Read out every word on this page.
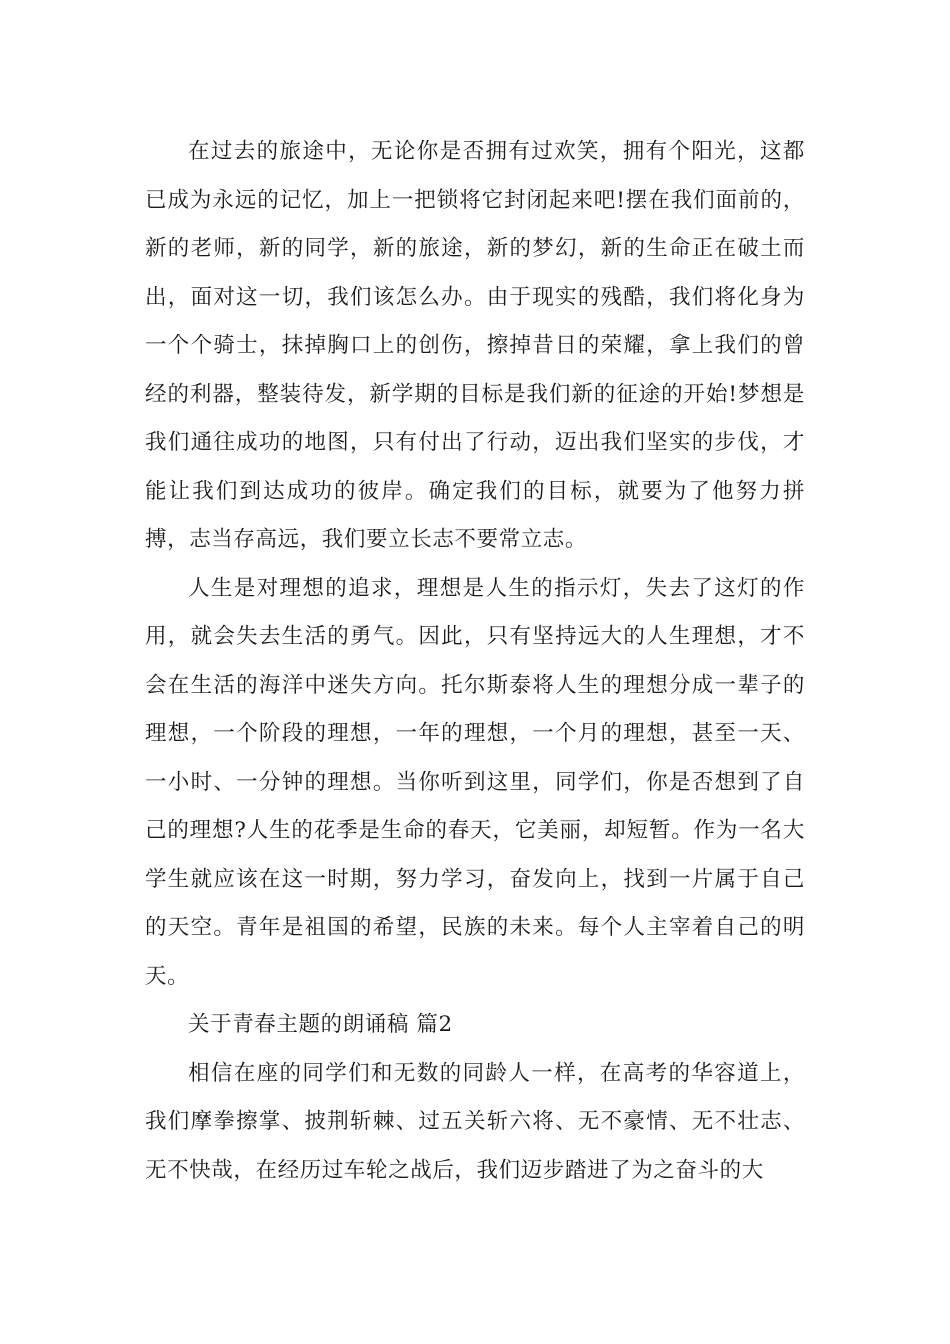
在过去的旅途中，无论你是否拥有过欢笑，拥有个阳光，这都已成为永远的记忆，加上一把锁将它封闭起来吧!摆在我们面前的，新的老师，新的同学，新的旅途，新的梦幻，新的生命正在破土而出，面对这一切，我们该怎么办。由于现实的残酷，我们将化身为一个个骑士，抹掉胸口上的创伤，擦掉昔日的荣耀，拿上我们的曾经的利器，整装待发，新学期的目标是我们新的征途的开始!梦想是我们通往成功的地图，只有付出了行动，迈出我们坚实的步伐，才能让我们到达成功的彼岸。确定我们的目标，就要为了他努力拼搏，志当存高远，我们要立长志不要常立志。

人生是对理想的追求，理想是人生的指示灯，失去了这灯的作用，就会失去生活的勇气。因此，只有坚持远大的人生理想，才不会在生活的海洋中迷失方向。托尔斯泰将人生的理想分成一辈子的理想，一个阶段的理想，一年的理想，一个月的理想，甚至一天、一小时、一分钟的理想。当你听到这里，同学们，你是否想到了自己的理想?人生的花季是生命的春天，它美丽，却短暂。作为一名大学生就应该在这一时期，努力学习，奋发向上，找到一片属于自己的天空。青年是祖国的希望，民族的未来。每个人主宰着自己的明天。

关于青春主题的朗诵稿 篇2

相信在座的同学们和无数的同龄人一样，在高考的华容道上，我们摩拳擦掌、披荆斩棘、过五关斩六将、无不豪情、无不壮志、无不快哉，在经历过车轮之战后，我们迈步踏进了为之奋斗的大
